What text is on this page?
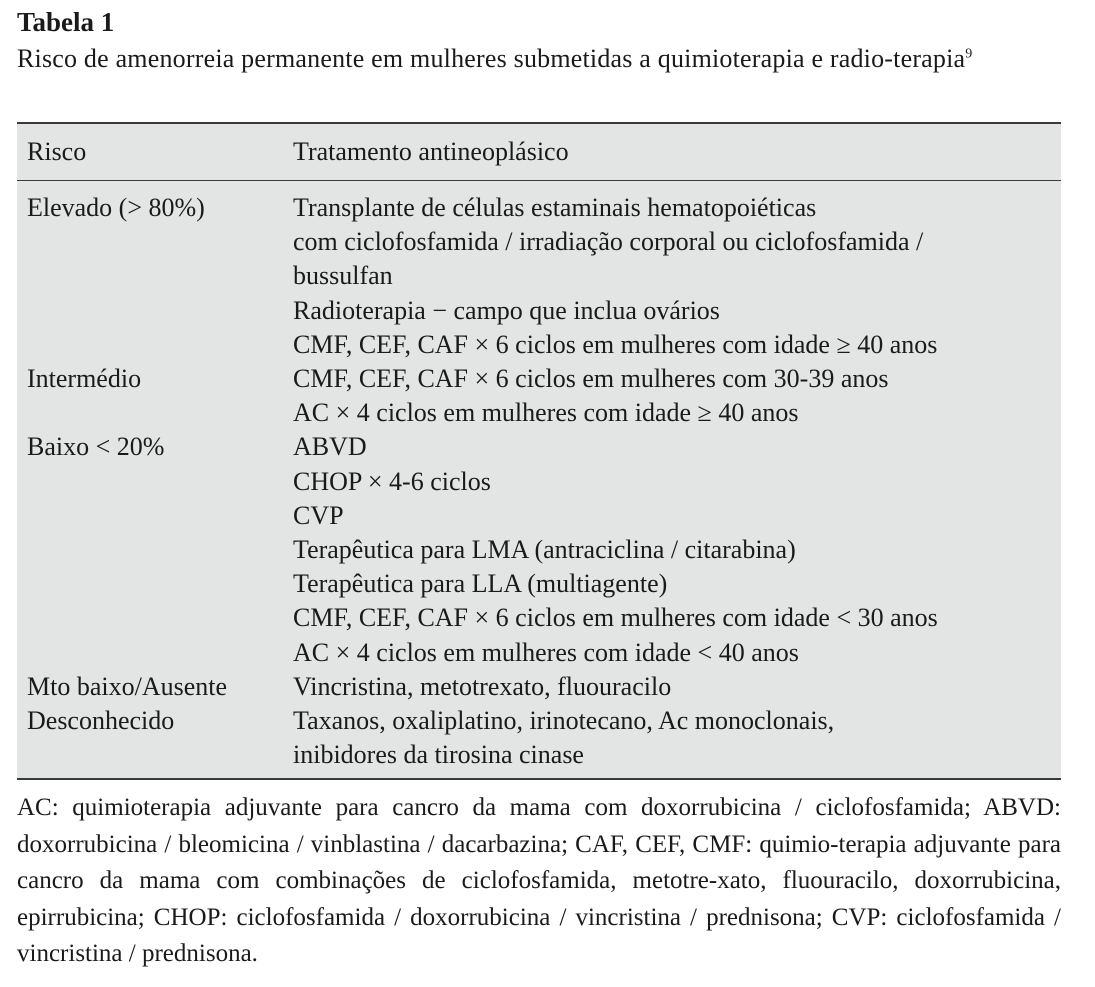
Tabela 1

Risco de amenorreia permanente em mulheres submetidas a quimioterapia e radio-terapia$^9$

Risco	Tratamento antineoplásico
Elevado (> 80%)	Transplante de células estaminais hematopoiéticas
com ciclofosfamida / irradiação corporal ou ciclofosfamida /
bussulfan
Radioterapia − campo que inclua ovários
CMF, CEF, CAF × 6 ciclos em mulheres com idade ≥ 40 anos
Intermédio	CMF, CEF, CAF × 6 ciclos em mulheres com 30-39 anos
AC × 4 ciclos em mulheres com idade ≥ 40 anos
Baixo < 20%	ABVD
CHOP × 4-6 ciclos
CVP
Terapêutica para LMA (antraciclina / citarabina)
Terapêutica para LLA (multiagente)
CMF, CEF, CAF × 6 ciclos em mulheres com idade < 30 anos
AC × 4 ciclos em mulheres com idade < 40 anos
Mto baixo/Ausente	Vincristina, metotrexato, fluouracilo
Desconhecido	Taxanos, oxaliplatino, irinotecano, Ac monoclonais,
inibidores da tirosina cinase

AC: quimioterapia adjuvante para cancro da mama com doxorrubicina / ciclofosfamida; ABVD: doxorrubicina / bleomicina / vinblastina / dacarbazina; CAF, CEF, CMF: quimio-terapia adjuvante para cancro da mama com combinações de ciclofosfamida, metotre-xato, fluouracilo, doxorrubicina, epirrubicina; CHOP: ciclofosfamida / doxorrubicina / vincristina / prednisona; CVP: ciclofosfamida / vincristina / prednisona.
